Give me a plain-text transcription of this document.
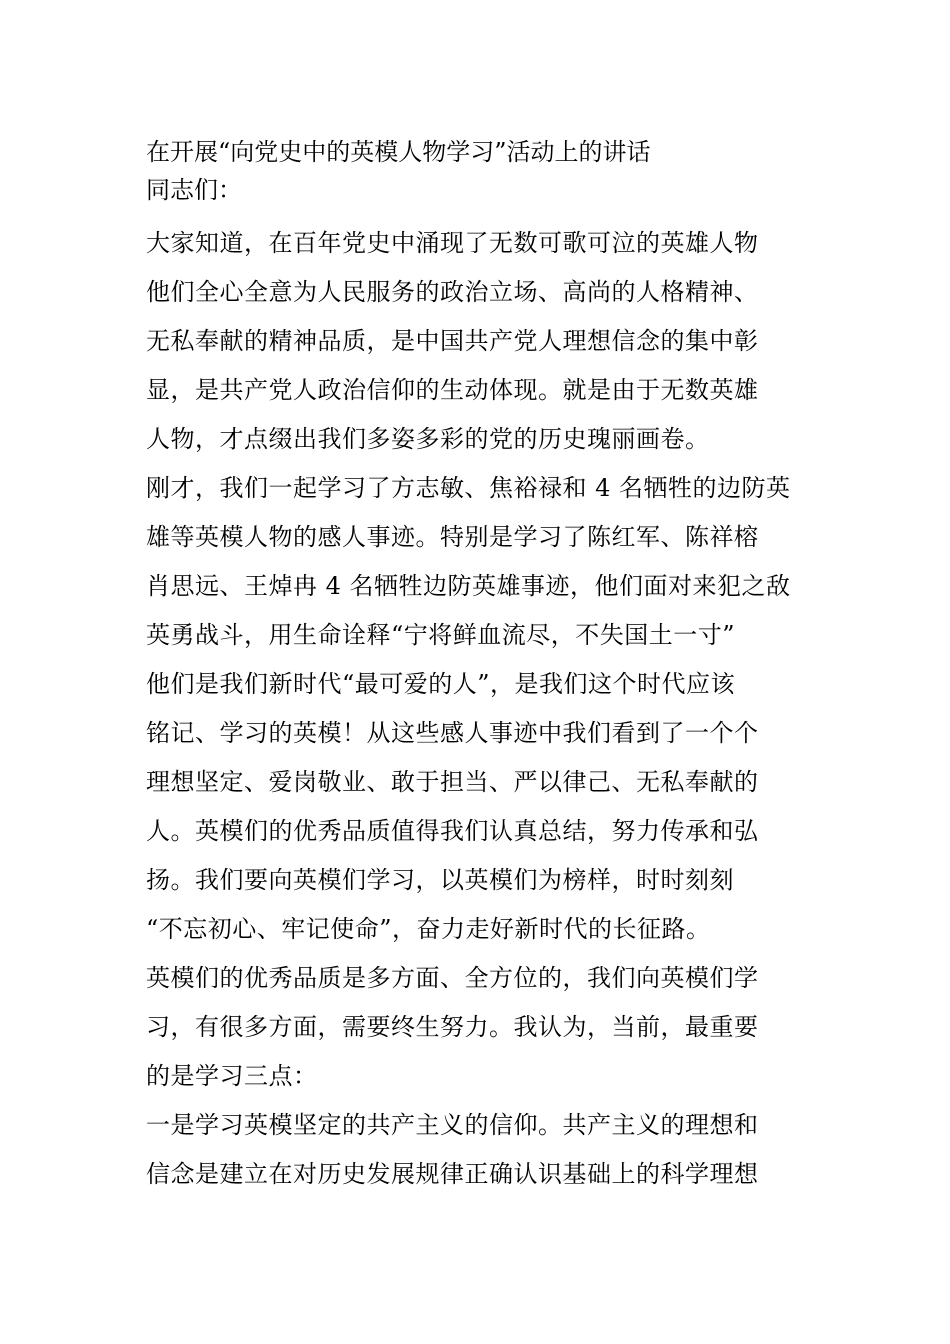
在开展“向党史中的英模人物学习”活动上的讲话
同志们：
大家知道，在百年党史中涌现了无数可歌可泣的英雄人物
他们全心全意为人民服务的政治立场、高尚的人格精神、
无私奉献的精神品质，是中国共产党人理想信念的集中彰
显，是共产党人政治信仰的生动体现。就是由于无数英雄
人物，才点缀出我们多姿多彩的党的历史瑰丽画卷。
刚才，我们一起学习了方志敏、焦裕禄和 4 名牺牲的边防英
雄等英模人物的感人事迹。特别是学习了陈红军、陈祥榕
肖思远、王焯冉 4 名牺牲边防英雄事迹，他们面对来犯之敌
英勇战斗，用生命诠释“宁将鲜血流尽，不失国土一寸”
他们是我们新时代“最可爱的人”，是我们这个时代应该
铭记、学习的英模！从这些感人事迹中我们看到了一个个
理想坚定、爱岗敬业、敢于担当、严以律己、无私奉献的
人。英模们的优秀品质值得我们认真总结，努力传承和弘
扬。我们要向英模们学习，以英模们为榜样，时时刻刻
“不忘初心、牢记使命”，奋力走好新时代的长征路。
英模们的优秀品质是多方面、全方位的，我们向英模们学
习，有很多方面，需要终生努力。我认为，当前，最重要
的是学习三点：
一是学习英模坚定的共产主义的信仰。共产主义的理想和
信念是建立在对历史发展规律正确认识基础上的科学理想
